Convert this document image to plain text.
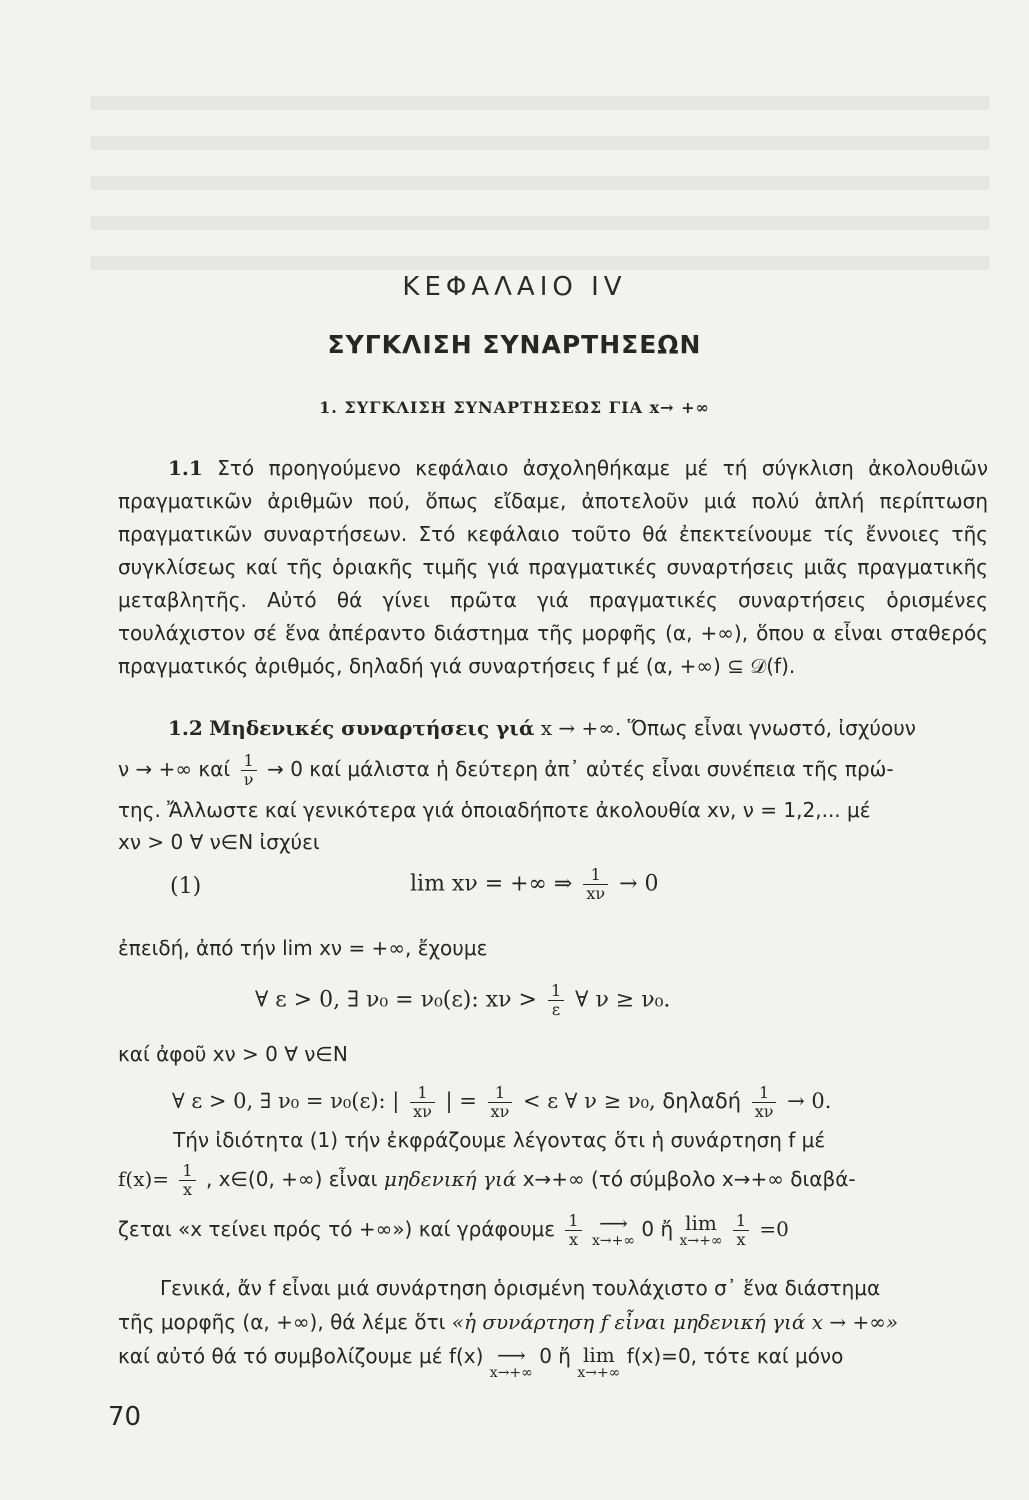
ΚΕΦΑΛΑΙΟ IV
ΣΥΓΚΛΙΣΗ ΣΥΝΑΡΤΗΣΕΩΝ
1. ΣΥΓΚΛΙΣΗ ΣΥΝΑΡΤΗΣΕΩΣ ΓΙΑ x→ +∞
1.1 Στό προηγούμενο κεφάλαιο ἀσχοληθήκαμε μέ τή σύγκλιση ἀκολουθιῶν πραγματικῶν ἀριθμῶν πού, ὅπως εἴδαμε, ἀποτελοῦν μιά πολύ ἁπλή περίπτωση πραγματικῶν συναρτήσεων. Στό κεφάλαιο τοῦτο θά ἐπεκτείνουμε τίς ἔννοιες τῆς συγκλίσεως καί τῆς ὁριακῆς τιμῆς γιά πραγματικές συναρτήσεις μιᾶς πραγματικῆς μεταβλητῆς. Αὐτό θά γίνει πρῶτα γιά πραγματικές συναρτήσεις ὁρισμένες τουλάχιστον σέ ἕνα ἀπέραντο διάστημα τῆς μορφῆς (α, +∞), ὅπου α εἶναι σταθερός πραγματικός ἀριθμός, δηλαδή γιά συναρτήσεις f μέ (α, +∞) ⊆ 𝒟(f).
1.2 Μηδενικές συναρτήσεις γιά x → +∞. Ὅπως εἶναι γνωστό, ἰσχύουν
ν → +∞ καί $\frac{1}{\nu} \to 0$ καί μάλιστα ἡ δεύτερη ἀπ᾽ αὐτές εἶναι συνέπεια τῆς πρώ-
της. Ἄλλωστε καί γενικότερα γιά ὁποιαδήποτε ἀκολουθία xν, ν = 1,2,... μέ
xν > 0 ∀ ν∈N ἰσχύει
(1)	lim xν = +∞ ⇒ $\frac{1}{x\nu} \to 0$
ἐπειδή, ἀπό τήν lim xν = +∞, ἔχουμε
∀ ε > 0, ∃ ν₀ = ν₀(ε): $x\nu > \frac{1}{\varepsilon}$ ∀ ν ≥ ν₀.
καί ἀφοῦ xν > 0 ∀ ν∈N
∀ ε > 0, ∃ ν₀ = ν₀(ε): | $\frac{1}{x\nu}$ | = $\frac{1}{x\nu} < \varepsilon$ ∀ ν ≥ ν₀, δηλαδή $\frac{1}{x\nu} \to 0$.
Τήν ἰδιότητα (1) τήν ἐκφράζουμε λέγοντας ὅτι ἡ συνάρτηση f μέ
$f(x)= \frac{1}{x}$ , x∈(0, +∞) εἶναι μηδενική γιά x→+∞ (τό σύμβολο x→+∞ διαβά-
ζεται «x τείνει πρός τό +∞») καί γράφουμε $\frac{1}{x}$
⟶
x→+∞ 0 ἤ lim
x→+∞
$\frac{1}{x} =0$
Γενικά, ἄν f εἶναι μιά συνάρτηση ὁρισμένη τουλάχιστο σ᾽ ἕνα διάστημα
τῆς μορφῆς (α, +∞), θά λέμε ὅτι «ἡ συνάρτηση f εἶναι μηδενική γιά x → +∞»
καί αὐτό θά τό συμβολίζουμε μέ f(x) ⟶
x→+∞
0 ἤ lim
x→+∞
f(x)=0, τότε καί μόνο
70
